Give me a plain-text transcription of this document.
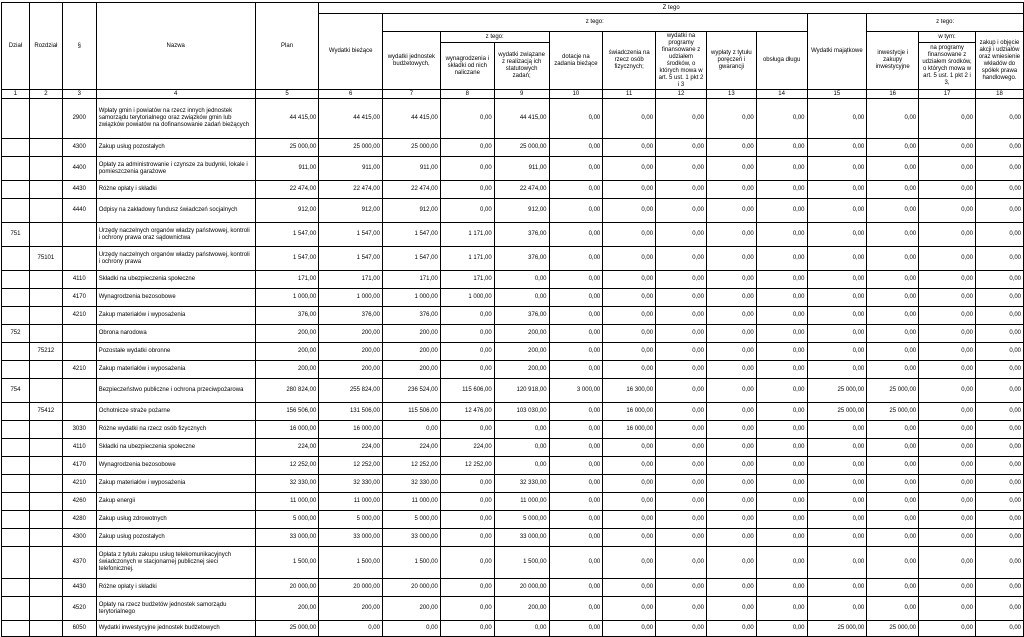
Dział	Rozdział	§	Nazwa	Plan	Z tego												
					Wydatki bieżące	z tego:								Wydatki majątkowe	z tego:		
						wydatki jednostek budżetowych,	z tego:		dotacje na zadania bieżące	świadczenia na rzecz osób fizycznych;	wydatki na programy finansowane z udziałem środków, o których mowa w art. 5 ust. 1 pkt 2 i 3	wypłaty z tytułu poręczeń i gwarancji	obsługa długu		inwestycje i zakupy inwestycyjne	w tym:	zakup i objęcie akcji i udziałów oraz wniesienie wkładów do spółek prawa handlowego.
							wynagrodzenia i składki od nich naliczane	wydatki związane z realizacją ich statutowych zadań;								na programy finansowane z udziałem środków, o których mowa w art. 5 ust. 1 pkt 2 i 3,	
1	2	3	4	5	6	7	8	9	10	11	12	13	14	15	16	17	18
		2900	Wpłaty gmin i powiatów na rzecz innych jednostek samorządu terytorialnego oraz związków gmin lub związków powiatów na dofinansowanie zadań bieżących	44 415,00	44 415,00	44 415,00	0,00	44 415,00	0,00	0,00	0,00	0,00	0,00	0,00	0,00	0,00	0,00
		4300	Zakup usług pozostałych	25 000,00	25 000,00	25 000,00	0,00	25 000,00	0,00	0,00	0,00	0,00	0,00	0,00	0,00	0,00	0,00
		4400	Opłaty za administrowanie i czynsze za budynki, lokale i pomieszczenia garażowe	911,00	911,00	911,00	0,00	911,00	0,00	0,00	0,00	0,00	0,00	0,00	0,00	0,00	0,00
		4430	Różne opłaty i składki	22 474,00	22 474,00	22 474,00	0,00	22 474,00	0,00	0,00	0,00	0,00	0,00	0,00	0,00	0,00	0,00
		4440	Odpisy na zakładowy fundusz świadczeń socjalnych	912,00	912,00	912,00	0,00	912,00	0,00	0,00	0,00	0,00	0,00	0,00	0,00	0,00	0,00
751			Urzędy naczelnych organów władzy państwowej, kontroli i ochrony prawa oraz sądownictwa	1 547,00	1 547,00	1 547,00	1 171,00	376,00	0,00	0,00	0,00	0,00	0,00	0,00	0,00	0,00	0,00
	75101		Urzędy naczelnych organów władzy państwowej, kontroli i ochrony prawa	1 547,00	1 547,00	1 547,00	1 171,00	376,00	0,00	0,00	0,00	0,00	0,00	0,00	0,00	0,00	0,00
		4110	Składki na ubezpieczenia społeczne	171,00	171,00	171,00	171,00	0,00	0,00	0,00	0,00	0,00	0,00	0,00	0,00	0,00	0,00
		4170	Wynagrodzenia bezosobowe	1 000,00	1 000,00	1 000,00	1 000,00	0,00	0,00	0,00	0,00	0,00	0,00	0,00	0,00	0,00	0,00
		4210	Zakup materiałów i wyposażenia	376,00	376,00	376,00	0,00	376,00	0,00	0,00	0,00	0,00	0,00	0,00	0,00	0,00	0,00
752			Obrona narodowa	200,00	200,00	200,00	0,00	200,00	0,00	0,00	0,00	0,00	0,00	0,00	0,00	0,00	0,00
	75212		Pozostałe wydatki obronne	200,00	200,00	200,00	0,00	200,00	0,00	0,00	0,00	0,00	0,00	0,00	0,00	0,00	0,00
		4210	Zakup materiałów i wyposażenia	200,00	200,00	200,00	0,00	200,00	0,00	0,00	0,00	0,00	0,00	0,00	0,00	0,00	0,00
754			Bezpieczeństwo publiczne i ochrona przeciwpożarowa	280 824,00	255 824,00	236 524,00	115 606,00	120 918,00	3 000,00	16 300,00	0,00	0,00	0,00	25 000,00	25 000,00	0,00	0,00
	75412		Ochotnicze straże pożarne	156 506,00	131 506,00	115 506,00	12 476,00	103 030,00	0,00	16 000,00	0,00	0,00	0,00	25 000,00	25 000,00	0,00	0,00
		3030	Różne wydatki na rzecz osób fizycznych	16 000,00	16 000,00	0,00	0,00	0,00	0,00	16 000,00	0,00	0,00	0,00	0,00	0,00	0,00	0,00
		4110	Składki na ubezpieczenia społeczne	224,00	224,00	224,00	224,00	0,00	0,00	0,00	0,00	0,00	0,00	0,00	0,00	0,00	0,00
		4170	Wynagrodzenia bezosobowe	12 252,00	12 252,00	12 252,00	12 252,00	0,00	0,00	0,00	0,00	0,00	0,00	0,00	0,00	0,00	0,00
		4210	Zakup materiałów i wyposażenia	32 330,00	32 330,00	32 330,00	0,00	32 330,00	0,00	0,00	0,00	0,00	0,00	0,00	0,00	0,00	0,00
		4260	Zakup energii	11 000,00	11 000,00	11 000,00	0,00	11 000,00	0,00	0,00	0,00	0,00	0,00	0,00	0,00	0,00	0,00
		4280	Zakup usług zdrowotnych	5 000,00	5 000,00	5 000,00	0,00	5 000,00	0,00	0,00	0,00	0,00	0,00	0,00	0,00	0,00	0,00
		4300	Zakup usług pozostałych	33 000,00	33 000,00	33 000,00	0,00	33 000,00	0,00	0,00	0,00	0,00	0,00	0,00	0,00	0,00	0,00
		4370	Opłata z tytułu zakupu usług telekomunikacyjnych świadczonych w stacjonarnej publicznej sieci telefonicznej.	1 500,00	1 500,00	1 500,00	0,00	1 500,00	0,00	0,00	0,00	0,00	0,00	0,00	0,00	0,00	0,00
		4430	Różne opłaty i składki	20 000,00	20 000,00	20 000,00	0,00	20 000,00	0,00	0,00	0,00	0,00	0,00	0,00	0,00	0,00	0,00
		4520	Opłaty na rzecz budżetów jednostek samorządu terytorialnego	200,00	200,00	200,00	0,00	200,00	0,00	0,00	0,00	0,00	0,00	0,00	0,00	0,00	0,00
		6050	Wydatki inwestycyjne jednostek budżetowych	25 000,00	0,00	0,00	0,00	0,00	0,00	0,00	0,00	0,00	0,00	25 000,00	25 000,00	0,00	0,00
